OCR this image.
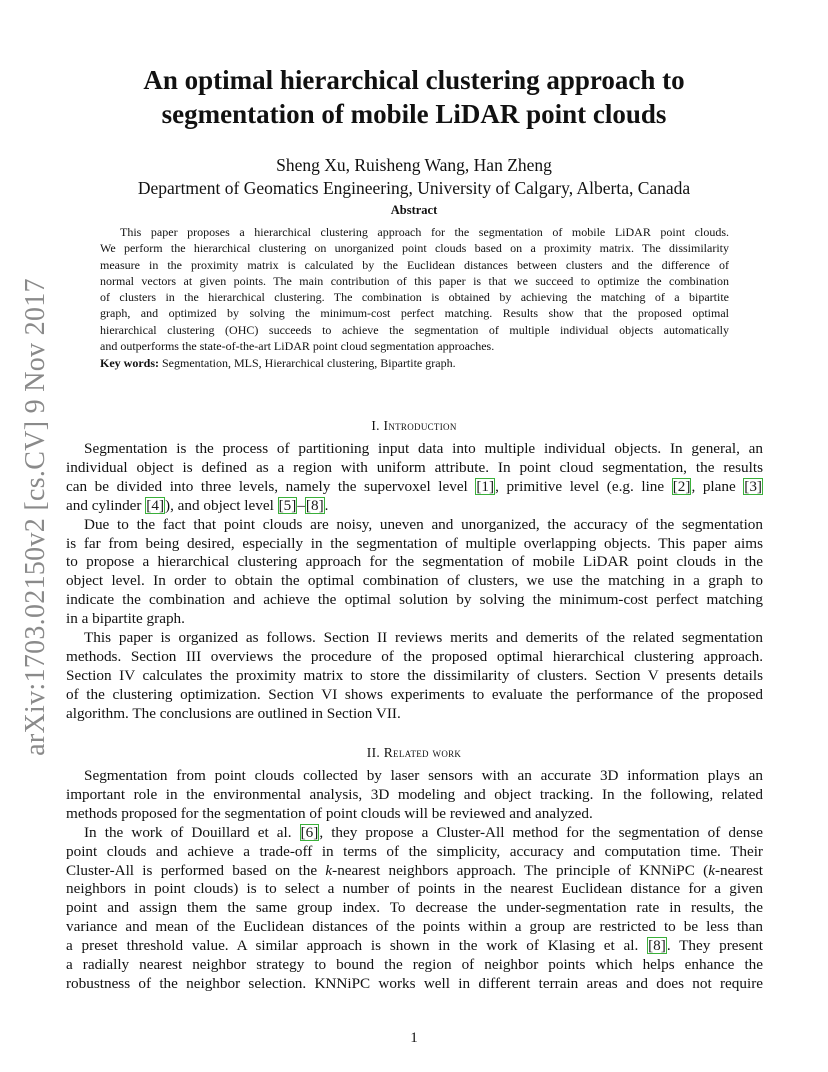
arXiv:1703.02150v2 [cs.CV] 9 Nov 2017
An optimal hierarchical clustering approach to
segmentation of mobile LiDAR point clouds
Sheng Xu, Ruisheng Wang, Han Zheng
Department of Geomatics Engineering, University of Calgary, Alberta, Canada
Abstract
This paper proposes a hierarchical clustering approach for the segmentation of mobile LiDAR point clouds.
We perform the hierarchical clustering on unorganized point clouds based on a proximity matrix. The dissimilarity
measure in the proximity matrix is calculated by the Euclidean distances between clusters and the difference of
normal vectors at given points. The main contribution of this paper is that we succeed to optimize the combination
of clusters in the hierarchical clustering. The combination is obtained by achieving the matching of a bipartite
graph, and optimized by solving the minimum-cost perfect matching. Results show that the proposed optimal
hierarchical clustering (OHC) succeeds to achieve the segmentation of multiple individual objects automatically
and outperforms the state-of-the-art LiDAR point cloud segmentation approaches.
Key words: Segmentation, MLS, Hierarchical clustering, Bipartite graph.
I. Introduction
Segmentation is the process of partitioning input data into multiple individual objects. In general, an
individual object is defined as a region with uniform attribute. In point cloud segmentation, the results
can be divided into three levels, namely the supervoxel level [1], primitive level (e.g. line [2], plane [3]
and cylinder [4]), and object level [5]–[8].
Due to the fact that point clouds are noisy, uneven and unorganized, the accuracy of the segmentation
is far from being desired, especially in the segmentation of multiple overlapping objects. This paper aims
to propose a hierarchical clustering approach for the segmentation of mobile LiDAR point clouds in the
object level. In order to obtain the optimal combination of clusters, we use the matching in a graph to
indicate the combination and achieve the optimal solution by solving the minimum-cost perfect matching
in a bipartite graph.
This paper is organized as follows. Section II reviews merits and demerits of the related segmentation
methods. Section III overviews the procedure of the proposed optimal hierarchical clustering approach.
Section IV calculates the proximity matrix to store the dissimilarity of clusters. Section V presents details
of the clustering optimization. Section VI shows experiments to evaluate the performance of the proposed
algorithm. The conclusions are outlined in Section VII.
II. Related work
Segmentation from point clouds collected by laser sensors with an accurate 3D information plays an
important role in the environmental analysis, 3D modeling and object tracking. In the following, related
methods proposed for the segmentation of point clouds will be reviewed and analyzed.
In the work of Douillard et al. [6], they propose a Cluster-All method for the segmentation of dense
point clouds and achieve a trade-off in terms of the simplicity, accuracy and computation time. Their
Cluster-All is performed based on the k-nearest neighbors approach. The principle of KNNiPC (k-nearest
neighbors in point clouds) is to select a number of points in the nearest Euclidean distance for a given
point and assign them the same group index. To decrease the under-segmentation rate in results, the
variance and mean of the Euclidean distances of the points within a group are restricted to be less than
a preset threshold value. A similar approach is shown in the work of Klasing et al. [8]. They present
a radially nearest neighbor strategy to bound the region of neighbor points which helps enhance the
robustness of the neighbor selection. KNNiPC works well in different terrain areas and does not require
1
